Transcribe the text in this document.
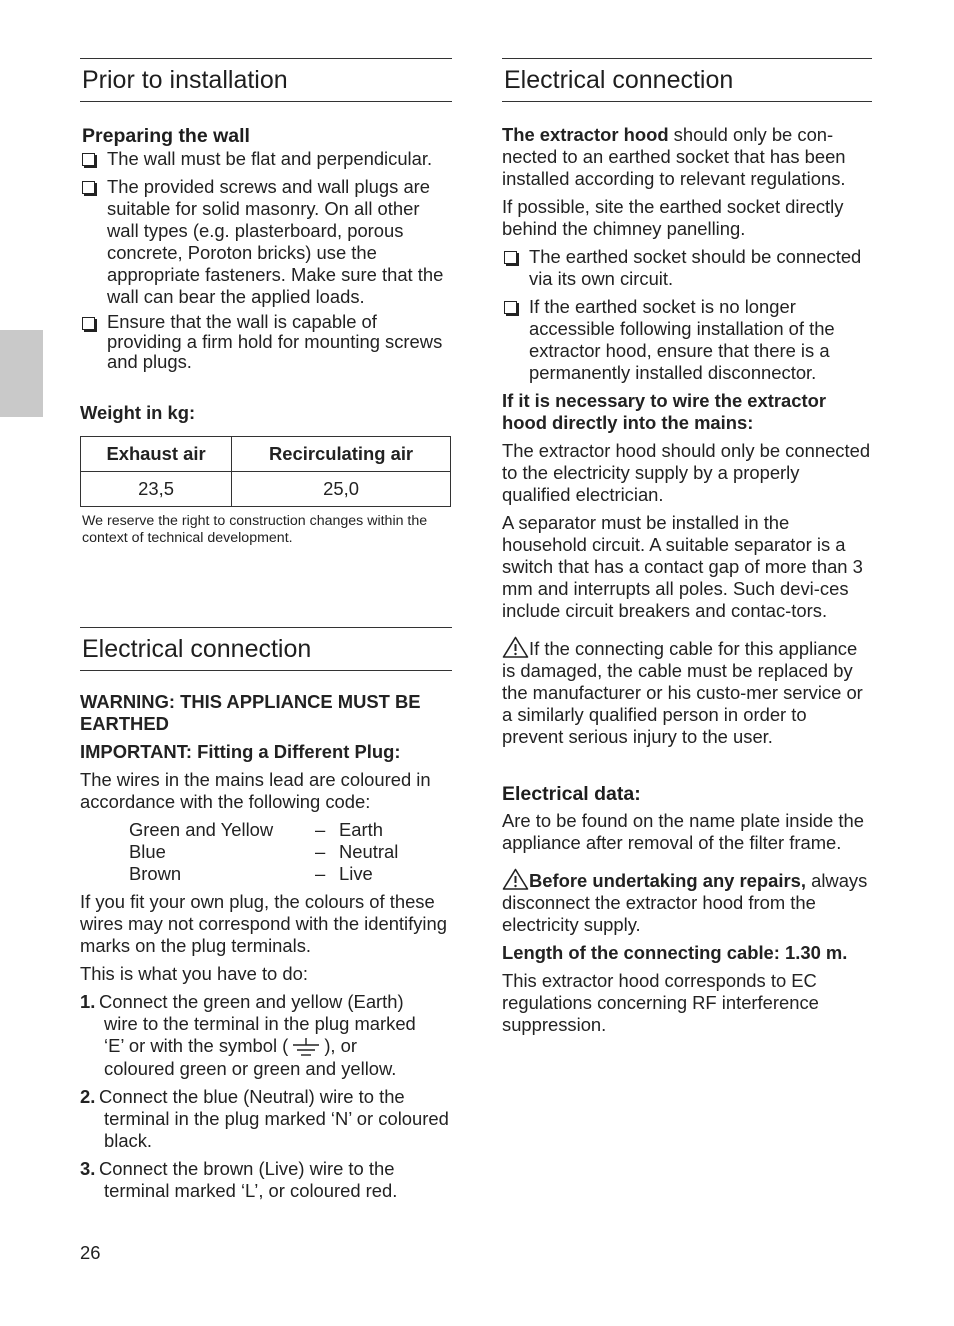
Prior to installation
Preparing the wall

The wall must be flat and perpendicular.

The provided screws and wall plugs are suitable for solid masonry. On all other wall types (e.g. plasterboard, porous concrete, Poroton bricks) use the appropriate fasteners. Make sure that the wall can bear the applied loads.

Ensure that the wall is capable of providing a firm hold for mounting screws and plugs.

Weight in kg:

Exhaust air	Recirculating air
23,5	25,0

We reserve the right to construction changes within the context of technical development.

Electrical connection

WARNING: THIS APPLIANCE MUST BE EARTHED

IMPORTANT: Fitting a Different Plug:

The wires in the mains lead are coloured in accordance with the following code:

Green and Yellow	– Earth
Blue	– Neutral
Brown	– Live

If you fit your own plug, the colours of these wires may not correspond with the identifying marks on the plug terminals.

This is what you have to do:

1. Connect the green and yellow (Earth)
wire to the terminal in the plug marked
‘E’ or with the symbol ( ), or
coloured green or green and yellow.
2. Connect the blue (Neutral) wire to the
terminal in the plug marked ‘N’ or coloured black.
3. Connect the brown (Live) wire to the
terminal marked ‘L’, or coloured red.
Electrical connection

The extractor hood should only be con-nected to an earthed socket that has been installed according to relevant regulations.

If possible, site the earthed socket directly behind the chimney panelling.

The earthed socket should be connected via its own circuit.

If the earthed socket is no longer accessible following installation of the extractor hood, ensure that there is a permanently installed disconnector.

If it is necessary to wire the extractor hood directly into the mains:

The extractor hood should only be connected to the electricity supply by a properly qualified electrician.

A separator must be installed in the household circuit. A suitable separator is a switch that has a contact gap of more than 3 mm and interrupts all poles. Such devi-ces include circuit breakers and contac-tors.

If the connecting cable for this appliance is damaged, the cable must be replaced by the manufacturer or his custo-mer service or a similarly qualified person in order to prevent serious injury to the user.

Electrical data:

Are to be found on the name plate inside the appliance after removal of the filter frame.

Before undertaking any repairs, always disconnect the extractor hood from the electricity supply.

Length of the connecting cable: 1.30 m.

This extractor hood corresponds to EC regulations concerning RF interference suppression.

26
